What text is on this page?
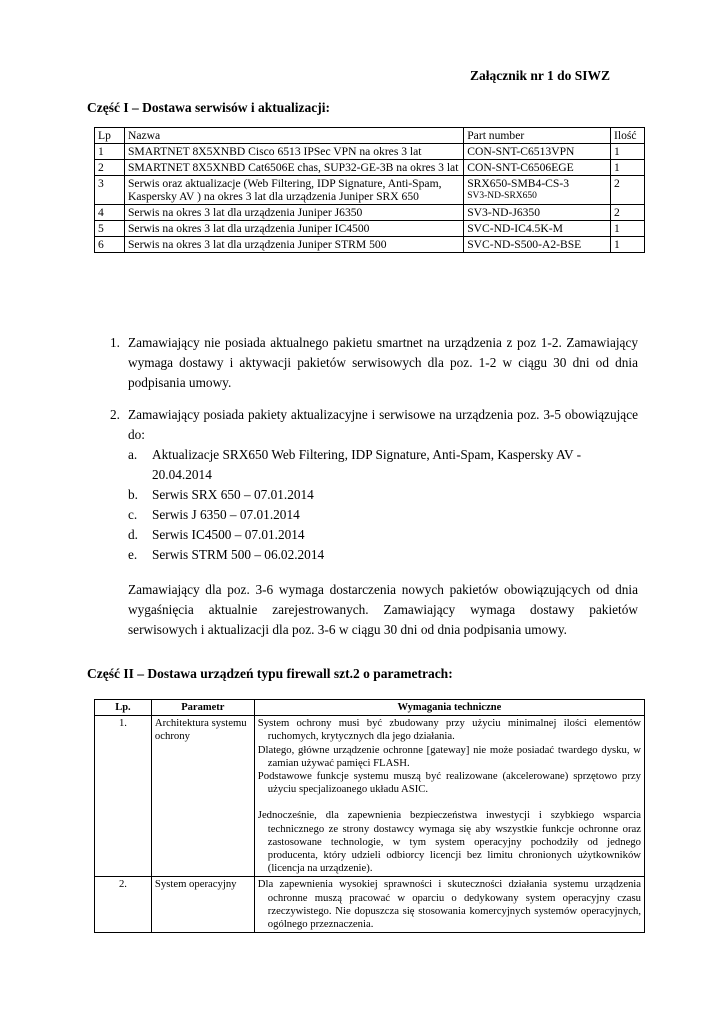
Załącznik nr 1 do SIWZ
Część I – Dostawa serwisów i aktualizacji:
Lp	Nazwa	Part number	Ilość
1	SMARTNET 8X5XNBD Cisco 6513 IPSec VPN na okres 3 lat	CON-SNT-C6513VPN	1
2	SMARTNET 8X5XNBD Cat6506E chas, SUP32-GE-3B na okres 3 lat	CON-SNT-C6506EGE	1
3	Serwis oraz aktualizacje (Web Filtering, IDP Signature, Anti-Spam, Kaspersky AV ) na okres 3 lat dla urządzenia Juniper SRX 650	SRX650-SMB4-CS-3
SV3-ND-SRX650	2
4	Serwis na okres 3 lat dla urządzenia Juniper J6350	SV3-ND-J6350	2
5	Serwis na okres 3 lat dla urządzenia Juniper IC4500	SVC-ND-IC4.5K-M	1
6	Serwis na okres 3 lat dla urządzenia Juniper STRM 500	SVC-ND-S500-A2-BSE	1
1. Zamawiający nie posiada aktualnego pakietu smartnet na urządzenia z poz 1-2. Zamawiający wymaga dostawy i aktywacji pakietów serwisowych dla poz. 1-2 w ciągu 30 dni od dnia podpisania umowy.

2. Zamawiający posiada pakiety aktualizacyjne i serwisowe na urządzenia poz. 3-5 obowiązujące do:

a. Aktualizacje SRX650 Web Filtering, IDP Signature, Anti-Spam, Kaspersky AV -
20.04.2014
b. Serwis SRX 650 – 07.01.2014
c. Serwis J 6350 – 07.01.2014
d. Serwis IC4500 – 07.01.2014
e. Serwis STRM 500 – 06.02.2014

Zamawiający dla poz. 3-6 wymaga dostarczenia nowych pakietów obowiązujących od dnia wygaśnięcia aktualnie zarejestrowanych. Zamawiający wymaga dostawy pakietów serwisowych i aktualizacji dla poz. 3-6 w ciągu 30 dni od dnia podpisania umowy.

Część II – Dostawa urządzeń typu firewall szt.2 o parametrach:
Lp.	Parametr	Wymagania techniczne
1.	Architektura systemu ochrony	System ochrony musi być zbudowany przy użyciu minimalnej ilości elementów ruchomych, krytycznych dla jego działania.

Dlatego, główne urządzenie ochronne [gateway] nie może posiadać twardego dysku, w zamian używać pamięci FLASH.

Podstawowe funkcje systemu muszą być realizowane (akcelerowane) sprzętowo przy użyciu specjalizoanego układu ASIC.

Jednocześnie, dla zapewnienia bezpieczeństwa inwestycji i szybkiego wsparcia technicznego ze strony dostawcy wymaga się aby wszystkie funkcje ochronne oraz zastosowane technologie, w tym system operacyjny pochodziły od jednego producenta, który udzieli odbiorcy licencji bez limitu chronionych użytkowników (licencja na urządzenie).

2.	System operacyjny	Dla zapewnienia wysokiej sprawności i skuteczności działania systemu urządzenia ochronne muszą pracować w oparciu o dedykowany system operacyjny czasu rzeczywistego. Nie dopuszcza się stosowania komercyjnych systemów operacyjnych, ogólnego przeznaczenia.
